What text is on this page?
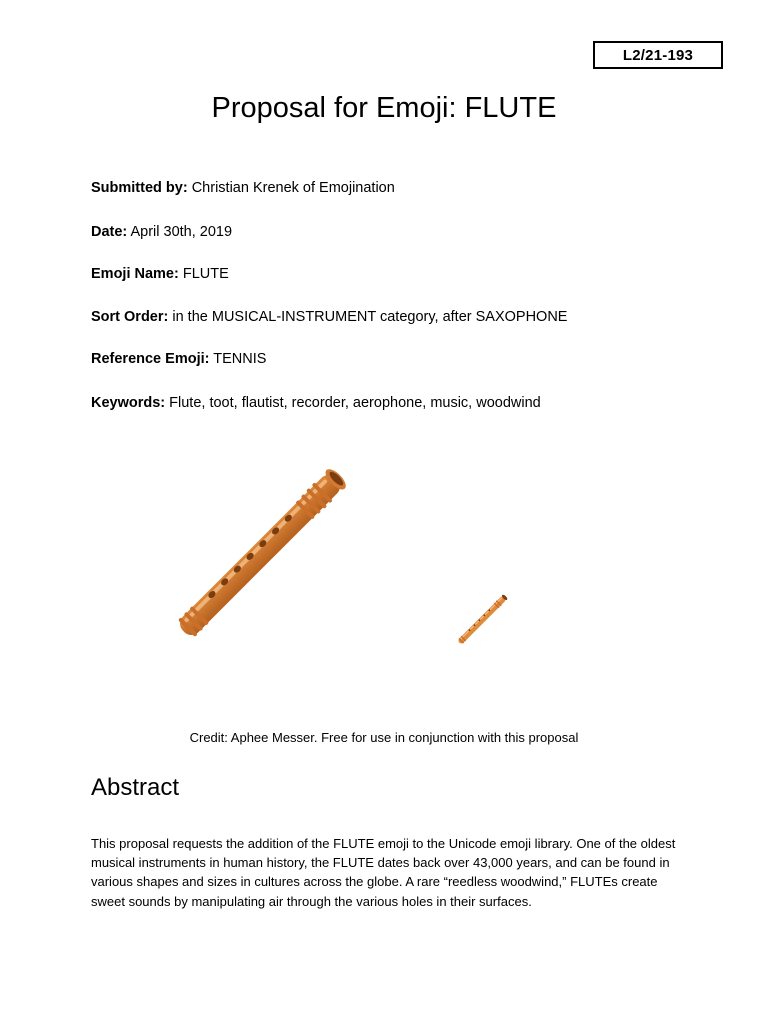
L2/21-193
Proposal for Emoji: FLUTE
Submitted by: Christian Krenek of Emojination
Date: April 30th, 2019
Emoji Name: FLUTE
Sort Order: in the MUSICAL-INSTRUMENT category, after SAXOPHONE
Reference Emoji: TENNIS
Keywords: Flute, toot, flautist, recorder, aerophone, music, woodwind
Credit: Aphee Messer. Free for use in conjunction with this proposal
Abstract

This proposal requests the addition of the FLUTE emoji to the Unicode emoji library. One of the oldest musical instruments in human history, the FLUTE dates back over 43,000 years, and can be found in various shapes and sizes in cultures across the globe. A rare “reedless woodwind,” FLUTEs create sweet sounds by manipulating air through the various holes in their surfaces.
